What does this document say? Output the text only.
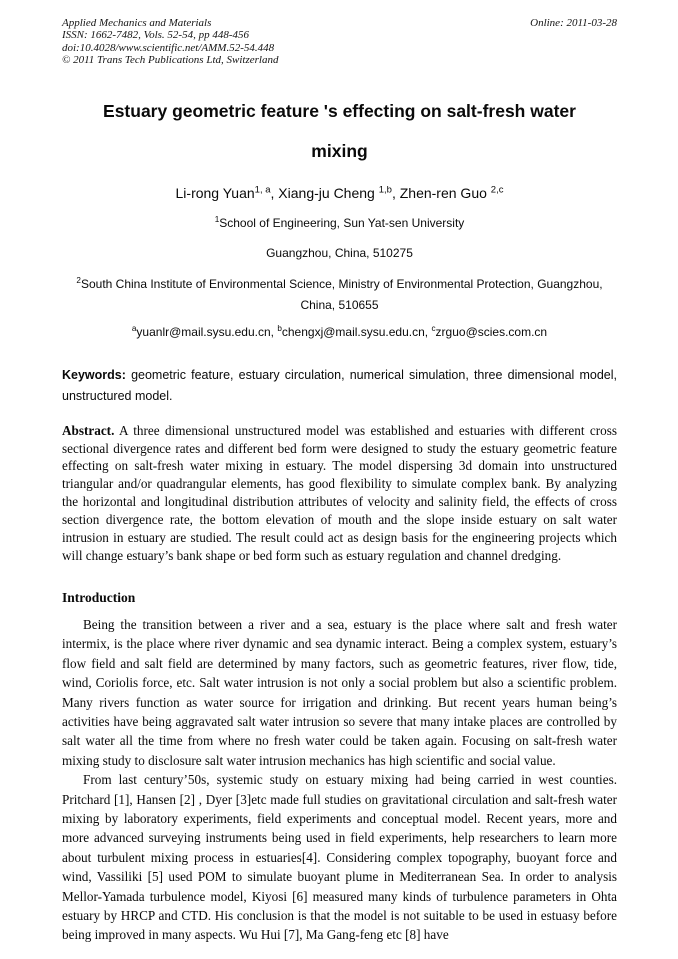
Applied Mechanics and Materials
ISSN: 1662-7482, Vols. 52-54, pp 448-456
doi:10.4028/www.scientific.net/AMM.52-54.448
© 2011 Trans Tech Publications Ltd, Switzerland
Online: 2011-03-28
Estuary geometric feature 's effecting on salt-fresh water mixing
Li-rong Yuan$^{1, a}$, Xiang-ju Cheng $^{1,b}$, Zhen-ren Guo $^{2,c}$
$^1$School of Engineering, Sun Yat-sen University
Guangzhou, China, 510275
$^2$South China Institute of Environmental Science, Ministry of Environmental Protection, Guangzhou, China, 510655
$^a$yuanlr@mail.sysu.edu.cn, $^b$chengxj@mail.sysu.edu.cn, $^c$zrguo@scies.com.cn
Keywords: geometric feature, estuary circulation, numerical simulation, three dimensional model, unstructured model.
Abstract. A three dimensional unstructured model was established and estuaries with different cross sectional divergence rates and different bed form were designed to study the estuary geometric feature effecting on salt-fresh water mixing in estuary. The model dispersing 3d domain into unstructured triangular and/or quadrangular elements, has good flexibility to simulate complex bank. By analyzing the horizontal and longitudinal distribution attributes of velocity and salinity field, the effects of cross section divergence rate, the bottom elevation of mouth and the slope inside estuary on salt water intrusion in estuary are studied. The result could act as design basis for the engineering projects which will change estuary’s bank shape or bed form such as estuary regulation and channel dredging.
Introduction

Being the transition between a river and a sea, estuary is the place where salt and fresh water intermix, is the place where river dynamic and sea dynamic interact. Being a complex system, estuary’s flow field and salt field are determined by many factors, such as geometric features, river flow, tide, wind, Coriolis force, etc. Salt water intrusion is not only a social problem but also a scientific problem. Many rivers function as water source for irrigation and drinking. But recent years human being’s activities have being aggravated salt water intrusion so severe that many intake places are controlled by salt water all the time from where no fresh water could be taken again. Focusing on salt-fresh water mixing study to disclosure salt water intrusion mechanics has high scientific and social value.

From last century’50s, systemic study on estuary mixing had being carried in west counties. Pritchard [1], Hansen [2] , Dyer [3]etc made full studies on gravitational circulation and salt-fresh water mixing by laboratory experiments, field experiments and conceptual model. Recent years, more and more advanced surveying instruments being used in field experiments, help researchers to learn more about turbulent mixing process in estuaries[4]. Considering complex topography, buoyant force and wind, Vassiliki [5] used POM to simulate buoyant plume in Mediterranean Sea. In order to analysis Mellor-Yamada turbulence model, Kiyosi [6] measured many kinds of turbulence parameters in Ohta estuary by HRCP and CTD. His conclusion is that the model is not suitable to be used in estuasy before being improved in many aspects. Wu Hui [7], Ma Gang-feng etc [8] have
